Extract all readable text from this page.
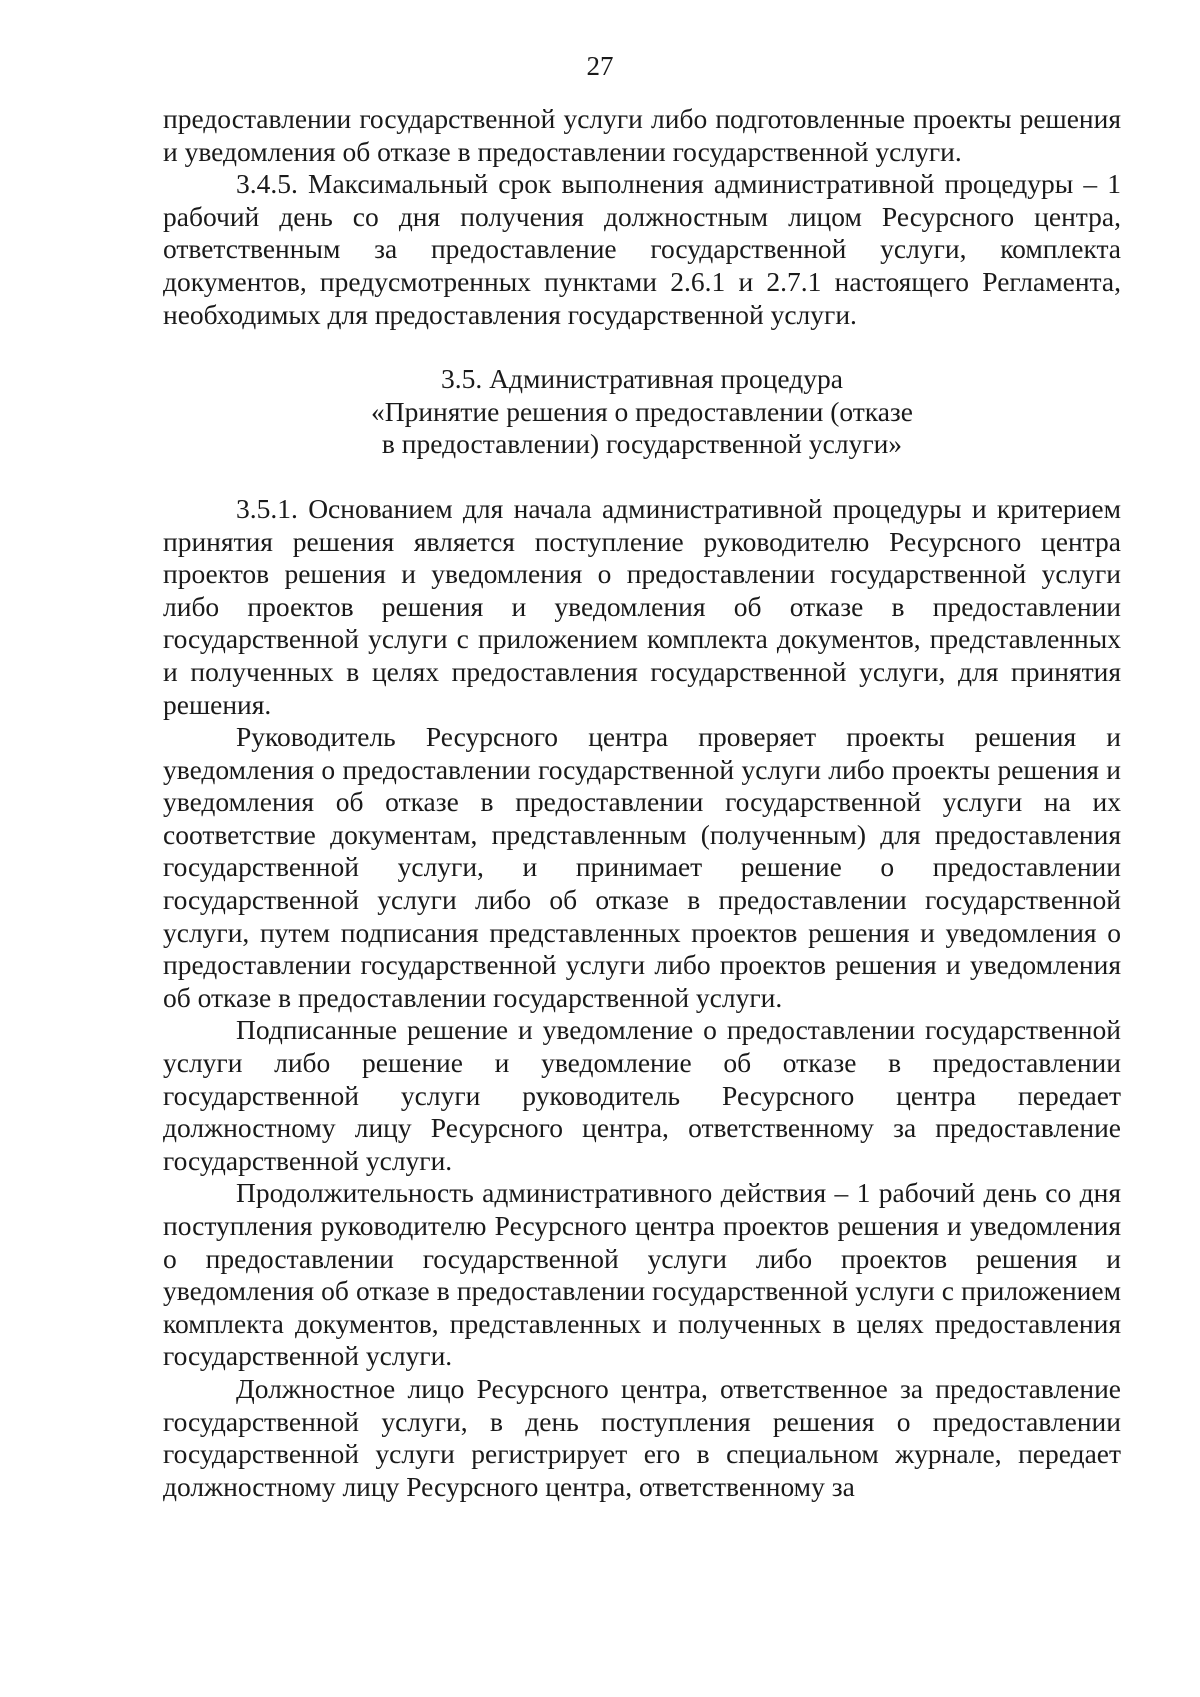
27

предоставлении государственной услуги либо подготовленные проекты решения и уведомления об отказе в предоставлении государственной услуги.

3.4.5. Максимальный срок выполнения административной процедуры – 1 рабочий день со дня получения должностным лицом Ресурсного центра, ответственным за предоставление государственной услуги, комплекта документов, предусмотренных пунктами 2.6.1 и 2.7.1 настоящего Регламента, необходимых для предоставления государственной услуги.

3.5. Административная процедура
«Принятие решения о предоставлении (отказе
в предоставлении) государственной услуги»

3.5.1. Основанием для начала административной процедуры и критерием принятия решения является поступление руководителю Ресурсного центра проектов решения и уведомления о предоставлении государственной услуги либо проектов решения и уведомления об отказе в предоставлении государственной услуги с приложением комплекта документов, представленных и полученных в целях предоставления государственной услуги, для принятия решения.

Руководитель Ресурсного центра проверяет проекты решения и уведомления о предоставлении государственной услуги либо проекты решения и уведомления об отказе в предоставлении государственной услуги на их соответствие документам, представленным (полученным) для предоставления государственной услуги, и принимает решение о предоставлении государственной услуги либо об отказе в предоставлении государственной услуги, путем подписания представленных проектов решения и уведомления о предоставлении государственной услуги либо проектов решения и уведомления об отказе в предоставлении государственной услуги.

Подписанные решение и уведомление о предоставлении государственной услуги либо решение и уведомление об отказе в предоставлении государственной услуги руководитель Ресурсного центра передает должностному лицу Ресурсного центра, ответственному за предоставление государственной услуги.

Продолжительность административного действия – 1 рабочий день со дня поступления руководителю Ресурсного центра проектов решения и уведомления о предоставлении государственной услуги либо проектов решения и уведомления об отказе в предоставлении государственной услуги с приложением комплекта документов, представленных и полученных в целях предоставления государственной услуги.

Должностное лицо Ресурсного центра, ответственное за предоставление государственной услуги, в день поступления решения о предоставлении государственной услуги регистрирует его в специальном журнале, передает должностному лицу Ресурсного центра, ответственному за
